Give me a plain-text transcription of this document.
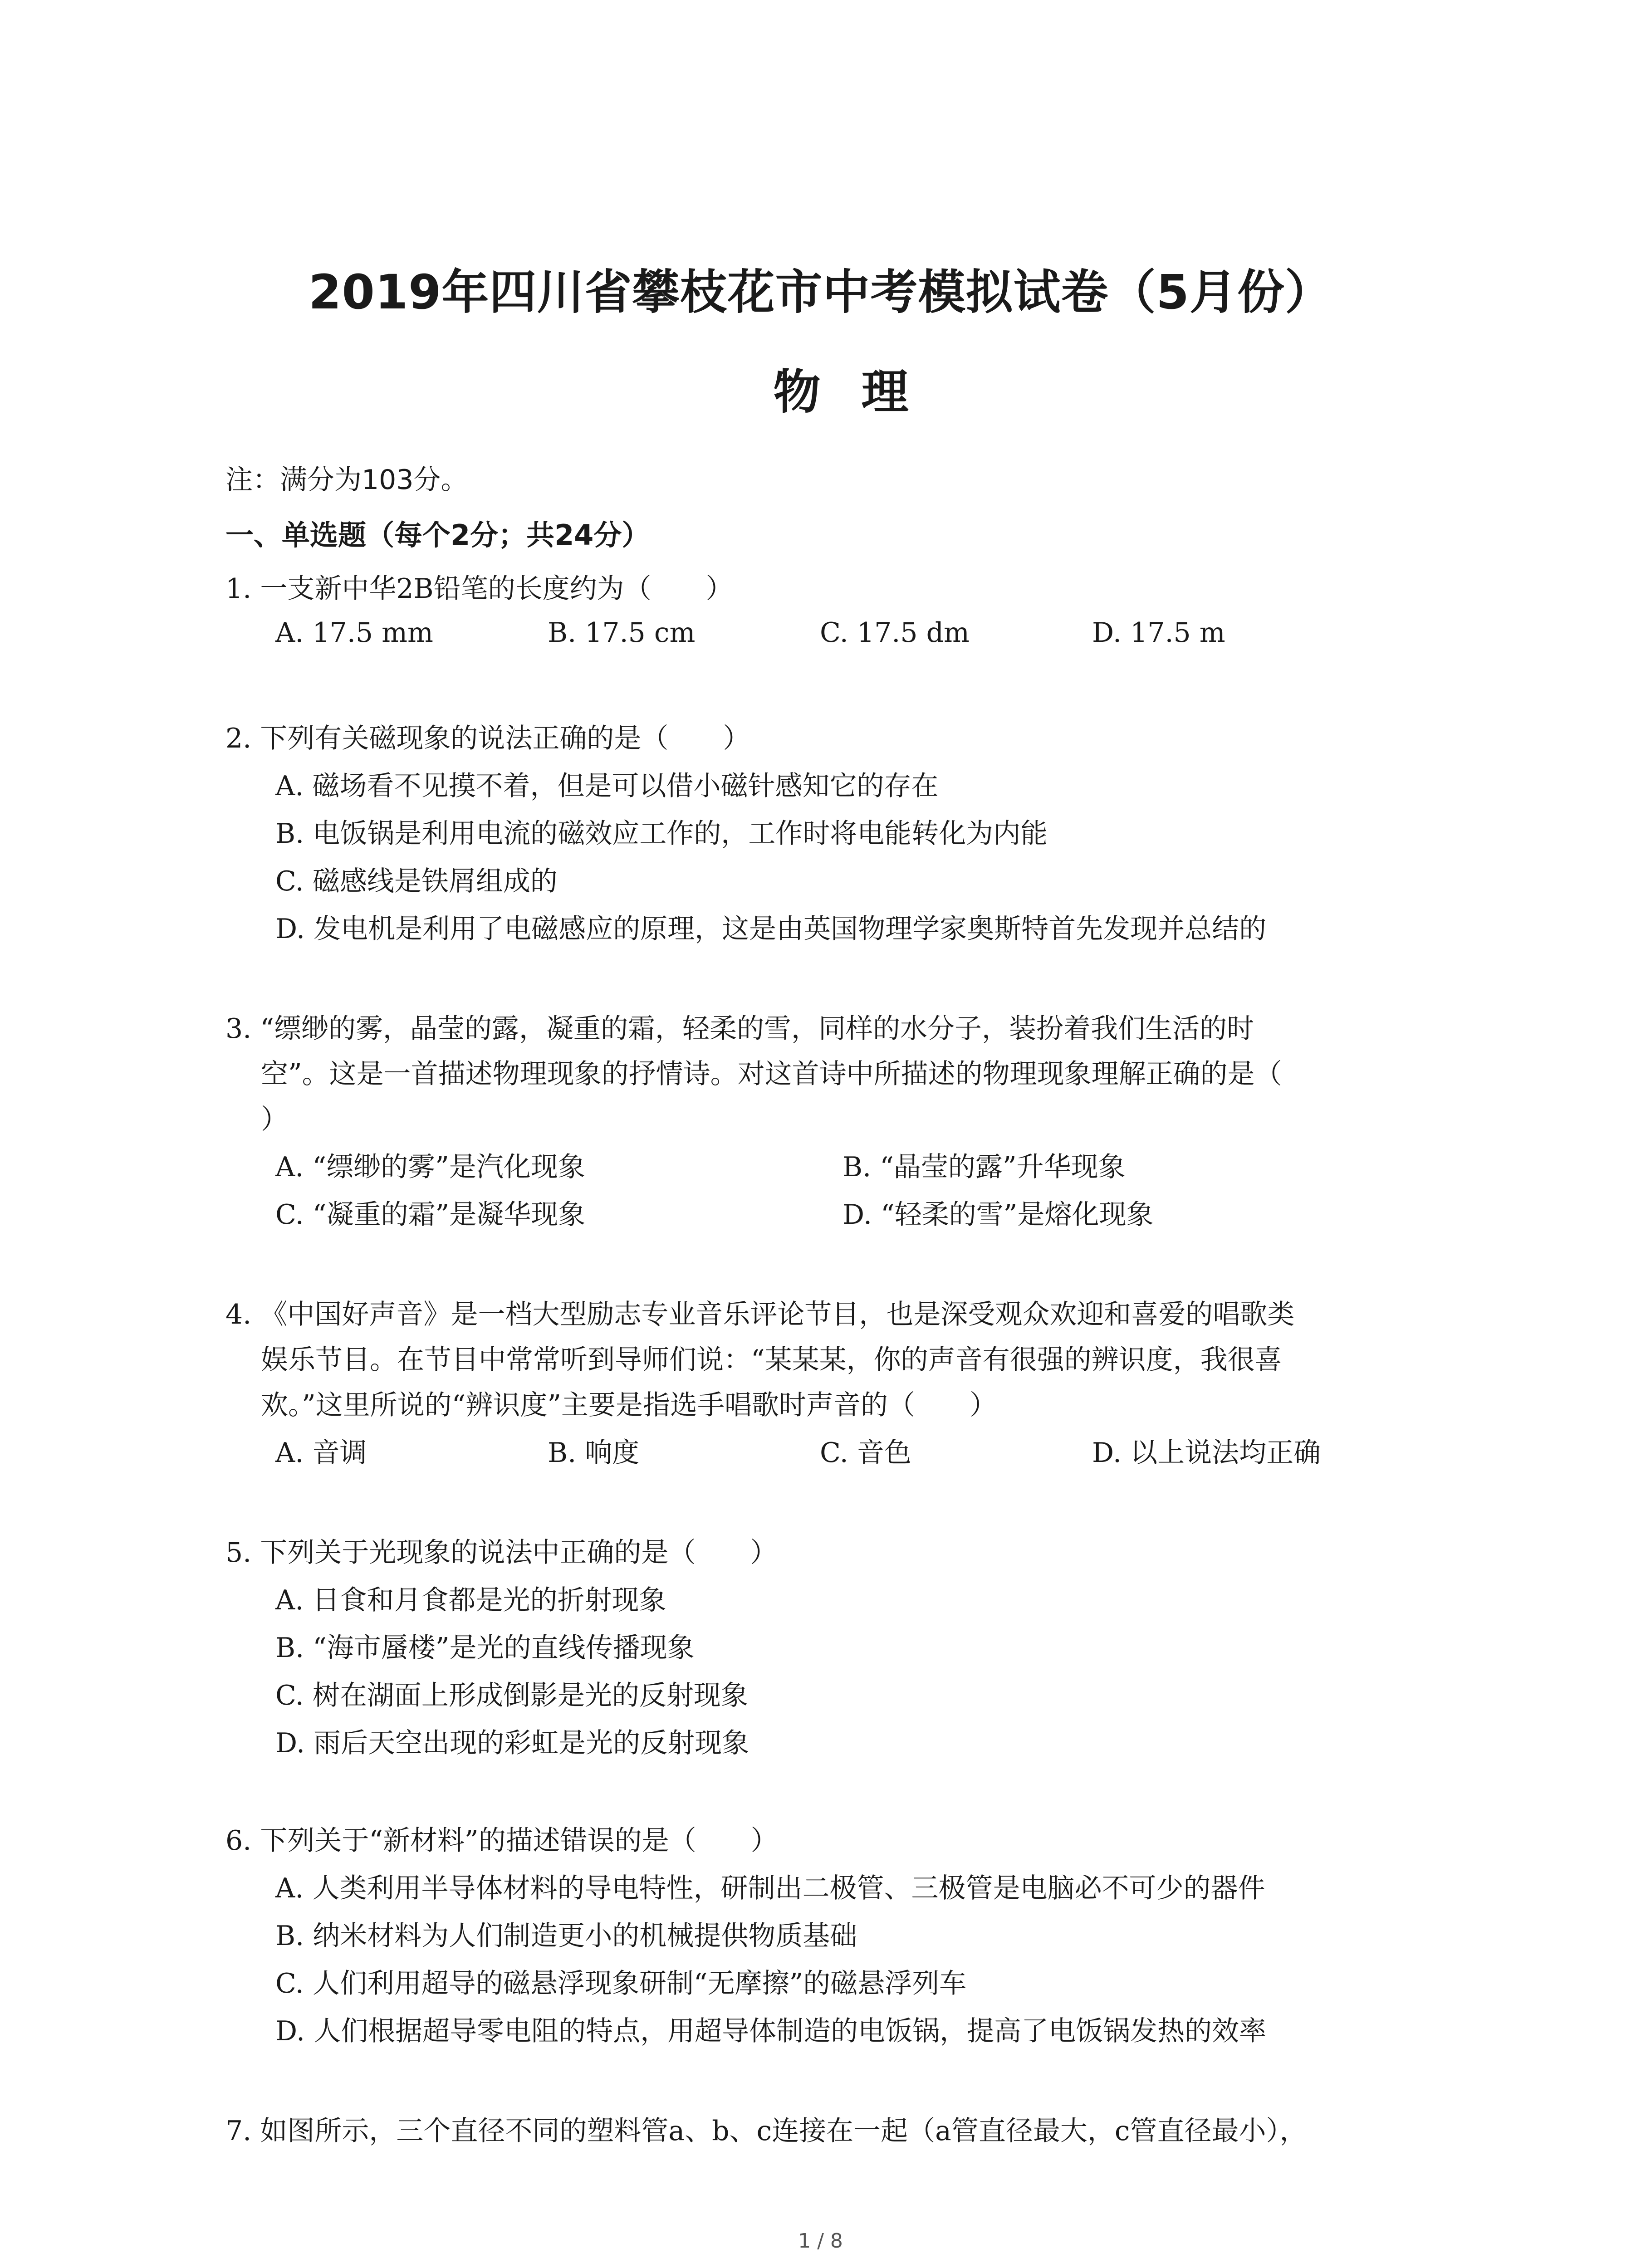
2019年四川省攀枝花市中考模拟试卷（5月份）
物理
注：满分为103分。
一、单选题（每个2分；共24分）
1. 一支新中华2B铅笔的长度约为（　　）
A. 17.5 mm	B. 17.5 cm	C. 17.5 dm	D. 17.5 m
2. 下列有关磁现象的说法正确的是（　　）
A. 磁场看不见摸不着，但是可以借小磁针感知它的存在
B. 电饭锅是利用电流的磁效应工作的，工作时将电能转化为内能
C. 磁感线是铁屑组成的
D. 发电机是利用了电磁感应的原理，这是由英国物理学家奥斯特首先发现并总结的
3. “缥缈的雾，晶莹的露，凝重的霜，轻柔的雪，同样的水分子，装扮着我们生活的时
空”。这是一首描述物理现象的抒情诗。对这首诗中所描述的物理现象理解正确的是（
）
A. “缥缈的雾”是汽化现象	B. “晶莹的露”升华现象
C. “凝重的霜”是凝华现象	D. “轻柔的雪”是熔化现象
4. 《中国好声音》是一档大型励志专业音乐评论节目，也是深受观众欢迎和喜爱的唱歌类
娱乐节目。在节目中常常听到导师们说：“某某某，你的声音有很强的辨识度，我很喜
欢。”这里所说的“辨识度”主要是指选手唱歌时声音的（　　）
A. 音调	B. 响度	C. 音色	D. 以上说法均正确
5. 下列关于光现象的说法中正确的是（　　）
A. 日食和月食都是光的折射现象
B. “海市蜃楼”是光的直线传播现象
C. 树在湖面上形成倒影是光的反射现象
D. 雨后天空出现的彩虹是光的反射现象
6. 下列关于“新材料”的描述错误的是（　　）
A. 人类利用半导体材料的导电特性，研制出二极管、三极管是电脑必不可少的器件
B. 纳米材料为人们制造更小的机械提供物质基础
C. 人们利用超导的磁悬浮现象研制“无摩擦”的磁悬浮列车
D. 人们根据超导零电阻的特点，用超导体制造的电饭锅，提高了电饭锅发热的效率
7. 如图所示，三个直径不同的塑料管a、b、c连接在一起（a管直径最大，c管直径最小），
1 / 8
